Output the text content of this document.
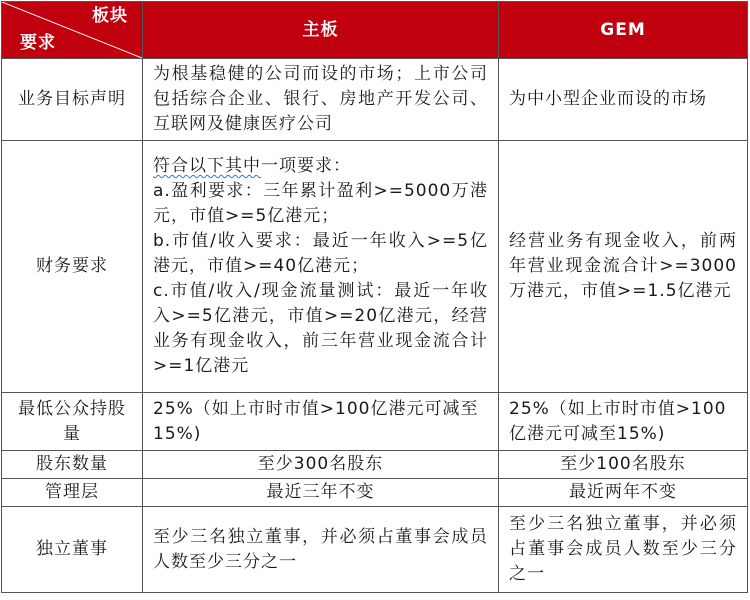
板块
要求	主板	GEM
业务目标声明	为根基稳健的公司而设的市场；上市公司包括综合企业、银行、房地产开发公司、互联网及健康医疗公司	为中小型企业而设的市场
财务要求	符合以下其中一项要求：
a.盈利要求：三年累计盈利>=5000万港元，市值>=5亿港元；
b.市值/收入要求：最近一年收入>=5亿港元，市值>=40亿港元；
c.市值/收入/现金流量测试：最近一年收入>=5亿港元，市值>=20亿港元，经营业务有现金收入，前三年营业现金流合计>=1亿港元	经营业务有现金收入，前两年营业现金流合计>=3000万港元，市值>=1.5亿港元
最低公众持股量	25%（如上市时市值>100亿港元可减至15%)	25%（如上市时市值>100亿港元可减至15%)
股东数量	至少300名股东	至少100名股东
管理层	最近三年不变	最近两年不变
独立董事	至少三名独立董事，并必须占董事会成员人数至少三分之一	至少三名独立董事，并必须占董事会成员人数至少三分之一
